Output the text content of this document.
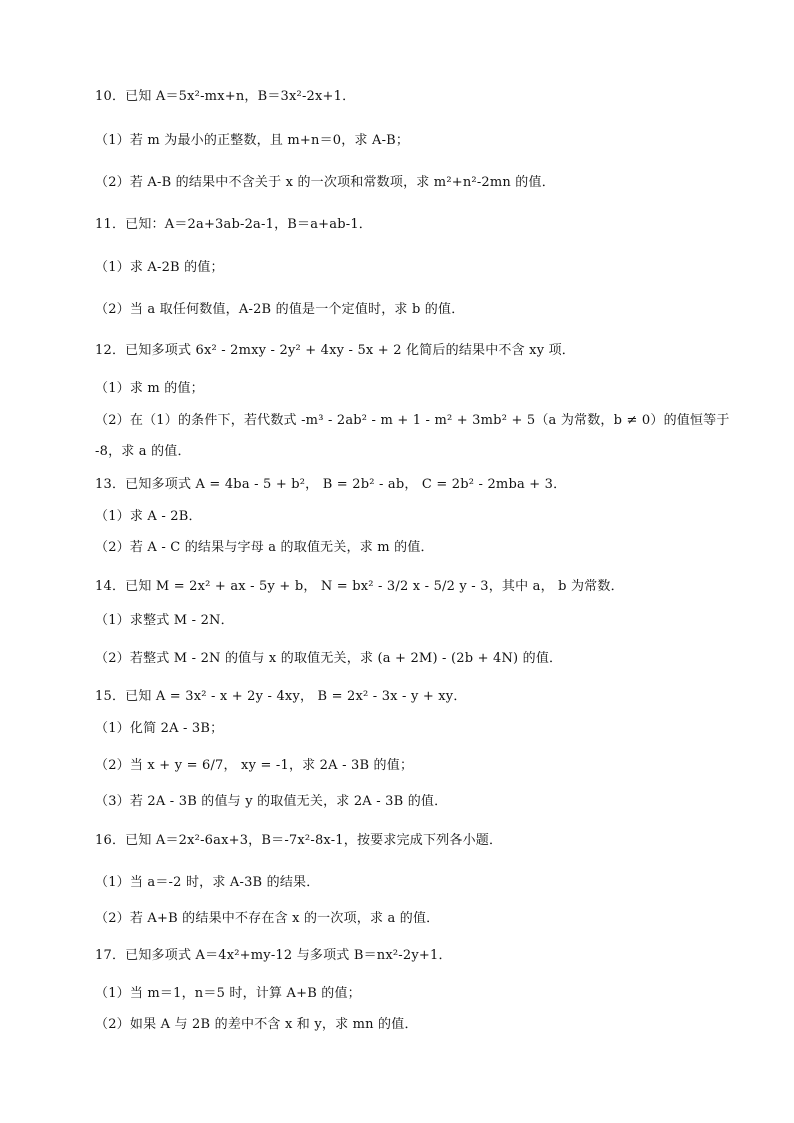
10．已知 A＝5x²-mx+n，B＝3x²-2x+1．
（1）若 m 为最小的正整数，且 m+n＝0，求 A-B；
（2）若 A-B 的结果中不含关于 x 的一次项和常数项，求 m²+n²-2mn 的值．
11．已知：A＝2a+3ab-2a-1，B＝a+ab-1．
（1）求 A-2B 的值；
（2）当 a 取任何数值，A-2B 的值是一个定值时，求 b 的值．
12．已知多项式 6x² - 2mxy - 2y² + 4xy - 5x + 2 化简后的结果中不含 xy 项．
（1）求 m 的值；
（2）在（1）的条件下，若代数式 -m³ - 2ab² - m + 1 - m² + 3mb² + 5（a 为常数，b ≠ 0）的值恒等于
-8，求 a 的值．
13．已知多项式 A = 4ba - 5 + b²， B = 2b² - ab， C = 2b² - 2mba + 3．
（1）求 A - 2B．
（2）若 A - C 的结果与字母 a 的取值无关，求 m 的值．
14．已知 M = 2x² + ax - 5y + b， N = bx² - 3/2 x - 5/2 y - 3，其中 a， b 为常数．
（1）求整式 M - 2N．
（2）若整式 M - 2N 的值与 x 的取值无关，求 (a + 2M) - (2b + 4N) 的值．
15．已知 A = 3x² - x + 2y - 4xy， B = 2x² - 3x - y + xy．
（1）化简 2A - 3B；
（2）当 x + y = 6/7， xy = -1，求 2A - 3B 的值；
（3）若 2A - 3B 的值与 y 的取值无关，求 2A - 3B 的值．
16．已知 A＝2x²-6ax+3，B＝-7x²-8x-1，按要求完成下列各小题．
（1）当 a＝-2 时，求 A-3B 的结果．
（2）若 A+B 的结果中不存在含 x 的一次项，求 a 的值．
17．已知多项式 A＝4x²+my-12 与多项式 B＝nx²-2y+1．
（1）当 m＝1，n＝5 时，计算 A+B 的值；
（2）如果 A 与 2B 的差中不含 x 和 y，求 mn 的值．
